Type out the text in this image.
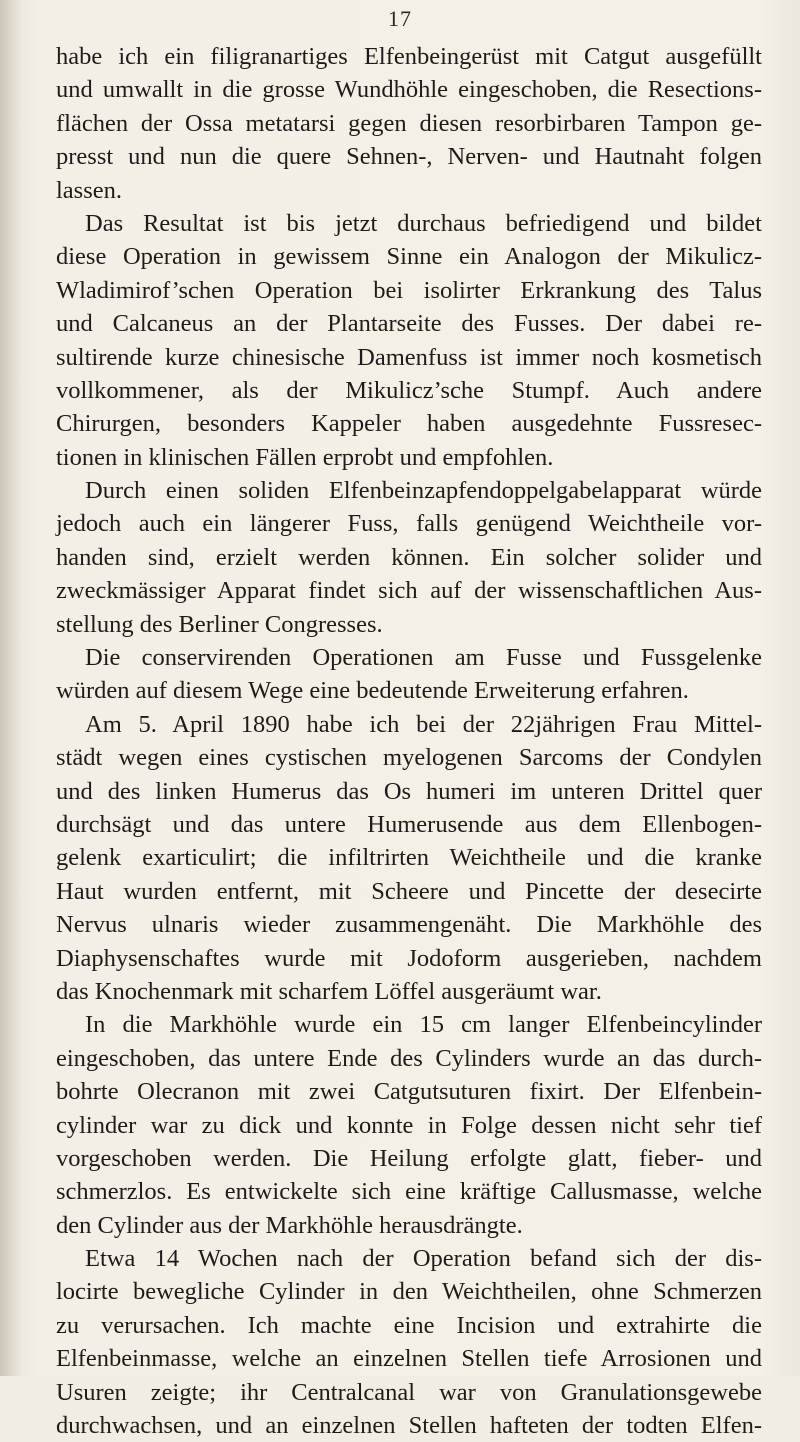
17
habe ich ein filigranartiges Elfenbeingerüst mit Catgut ausgefüllt
und umwallt in die grosse Wundhöhle eingeschoben, die Resections-
flächen der Ossa metatarsi gegen diesen resorbirbaren Tampon ge-
presst und nun die quere Sehnen-, Nerven- und Hautnaht folgen
lassen.
Das Resultat ist bis jetzt durchaus befriedigend und bildet
diese Operation in gewissem Sinne ein Analogon der Mikulicz-
Wladimirof’schen Operation bei isolirter Erkrankung des Talus
und Calcaneus an der Plantarseite des Fusses. Der dabei re-
sultirende kurze chinesische Damenfuss ist immer noch kosmetisch
vollkommener, als der Mikulicz’sche Stumpf. Auch andere
Chirurgen, besonders Kappeler haben ausgedehnte Fussresec-
tionen in klinischen Fällen erprobt und empfohlen.
Durch einen soliden Elfenbeinzapfendoppelgabelapparat würde
jedoch auch ein längerer Fuss, falls genügend Weichtheile vor-
handen sind, erzielt werden können. Ein solcher solider und
zweckmässiger Apparat findet sich auf der wissenschaftlichen Aus-
stellung des Berliner Congresses.
Die conservirenden Operationen am Fusse und Fussgelenke
würden auf diesem Wege eine bedeutende Erweiterung erfahren.
Am 5. April 1890 habe ich bei der 22jährigen Frau Mittel-
städt wegen eines cystischen myelogenen Sarcoms der Condylen
und des linken Humerus das Os humeri im unteren Drittel quer
durchsägt und das untere Humerusende aus dem Ellenbogen-
gelenk exarticulirt; die infiltrirten Weichtheile und die kranke
Haut wurden entfernt, mit Scheere und Pincette der desecirte
Nervus ulnaris wieder zusammengenäht. Die Markhöhle des
Diaphysenschaftes wurde mit Jodoform ausgerieben, nachdem
das Knochenmark mit scharfem Löffel ausgeräumt war.
In die Markhöhle wurde ein 15 cm langer Elfenbeincylinder
eingeschoben, das untere Ende des Cylinders wurde an das durch-
bohrte Olecranon mit zwei Catgutsuturen fixirt. Der Elfenbein-
cylinder war zu dick und konnte in Folge dessen nicht sehr tief
vorgeschoben werden. Die Heilung erfolgte glatt, fieber- und
schmerzlos. Es entwickelte sich eine kräftige Callusmasse, welche
den Cylinder aus der Markhöhle herausdrängte.
Etwa 14 Wochen nach der Operation befand sich der dis-
locirte bewegliche Cylinder in den Weichtheilen, ohne Schmerzen
zu verursachen. Ich machte eine Incision und extrahirte die
Elfenbeinmasse, welche an einzelnen Stellen tiefe Arrosionen und
Usuren zeigte; ihr Centralcanal war von Granulationsgewebe
durchwachsen, und an einzelnen Stellen hafteten der todten Elfen-
